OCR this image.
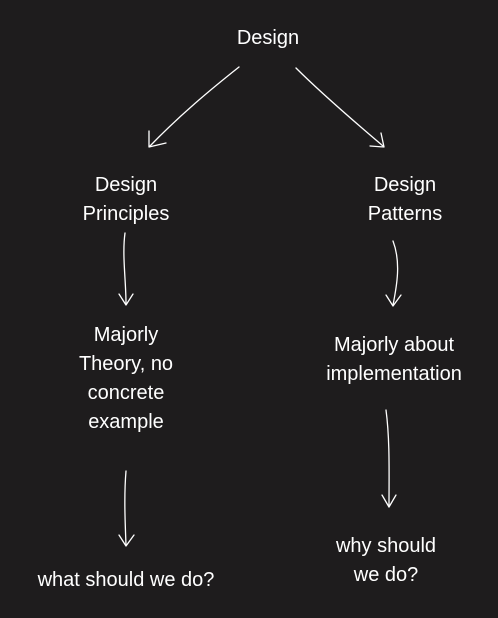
Design
Design
Principles
Design
Patterns
Majorly
Theory, no
concrete
example
Majorly about
implementation
what should we do?
why should
we do?
